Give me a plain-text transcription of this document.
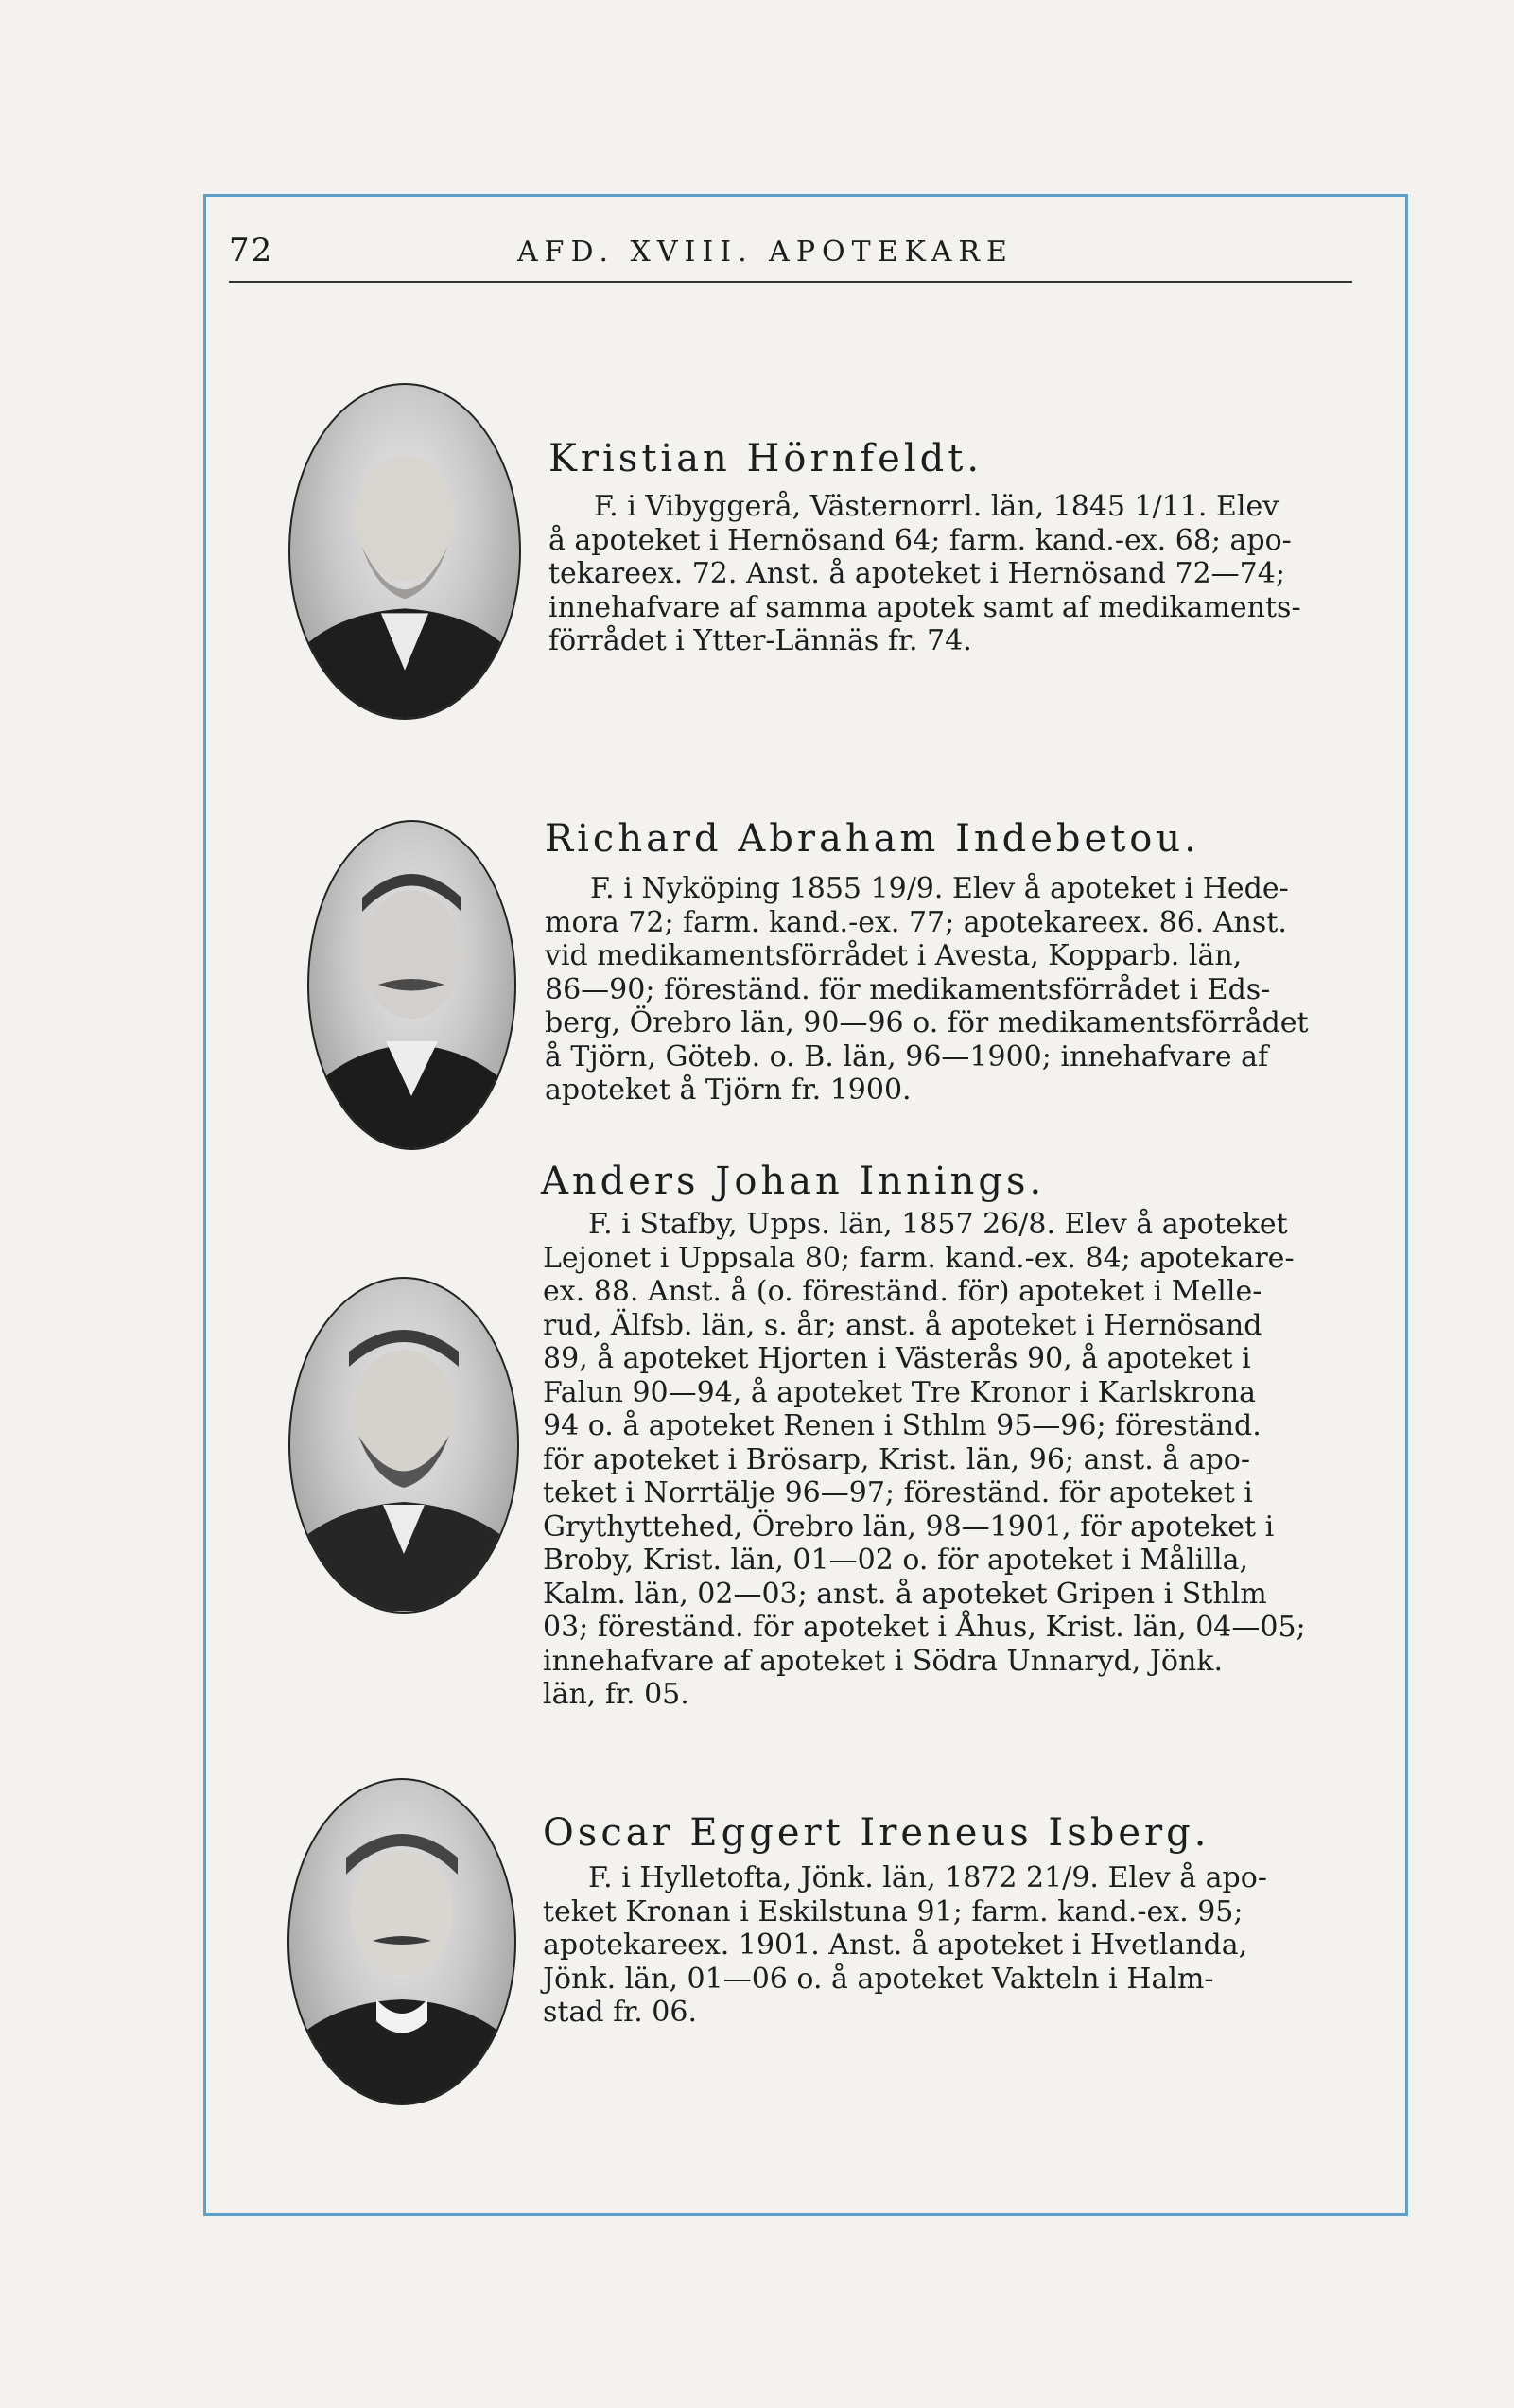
72	AFD. XVIII. APOTEKARE
Kristian Hörnfeldt.
F. i Vibyggerå, Västernorrl. län, 1845 1/11. Elev
å apoteket i Hernösand 64; farm. kand.-ex. 68; apo-
tekareex. 72. Anst. å apoteket i Hernösand 72—74;
innehafvare af samma apotek samt af medikaments-
förrådet i Ytter-Lännäs fr. 74.
Richard Abraham Indebetou.
F. i Nyköping 1855 19/9. Elev å apoteket i Hede-
mora 72; farm. kand.-ex. 77; apotekareex. 86. Anst.
vid medikamentsförrådet i Avesta, Kopparb. län,
86—90; föreständ. för medikamentsförrådet i Eds-
berg, Örebro län, 90—96 o. för medikamentsförrådet
å Tjörn, Göteb. o. B. län, 96—1900; innehafvare af
apoteket å Tjörn fr. 1900.
Anders Johan Innings.
F. i Stafby, Upps. län, 1857 26/8. Elev å apoteket
Lejonet i Uppsala 80; farm. kand.-ex. 84; apotekare-
ex. 88. Anst. å (o. föreständ. för) apoteket i Melle-
rud, Älfsb. län, s. år; anst. å apoteket i Hernösand
89, å apoteket Hjorten i Västerås 90, å apoteket i
Falun 90—94, å apoteket Tre Kronor i Karlskrona
94 o. å apoteket Renen i Sthlm 95—96; föreständ.
för apoteket i Brösarp, Krist. län, 96; anst. å apo-
teket i Norrtälje 96—97; föreständ. för apoteket i
Grythyttehed, Örebro län, 98—1901, för apoteket i
Broby, Krist. län, 01—02 o. för apoteket i Målilla,
Kalm. län, 02—03; anst. å apoteket Gripen i Sthlm
03; föreständ. för apoteket i Åhus, Krist. län, 04—05;
innehafvare af apoteket i Södra Unnaryd, Jönk.
län, fr. 05.
Oscar Eggert Ireneus Isberg.
F. i Hylletofta, Jönk. län, 1872 21/9. Elev å apo-
teket Kronan i Eskilstuna 91; farm. kand.-ex. 95;
apotekareex. 1901. Anst. å apoteket i Hvetlanda,
Jönk. län, 01—06 o. å apoteket Vakteln i Halm-
stad fr. 06.
